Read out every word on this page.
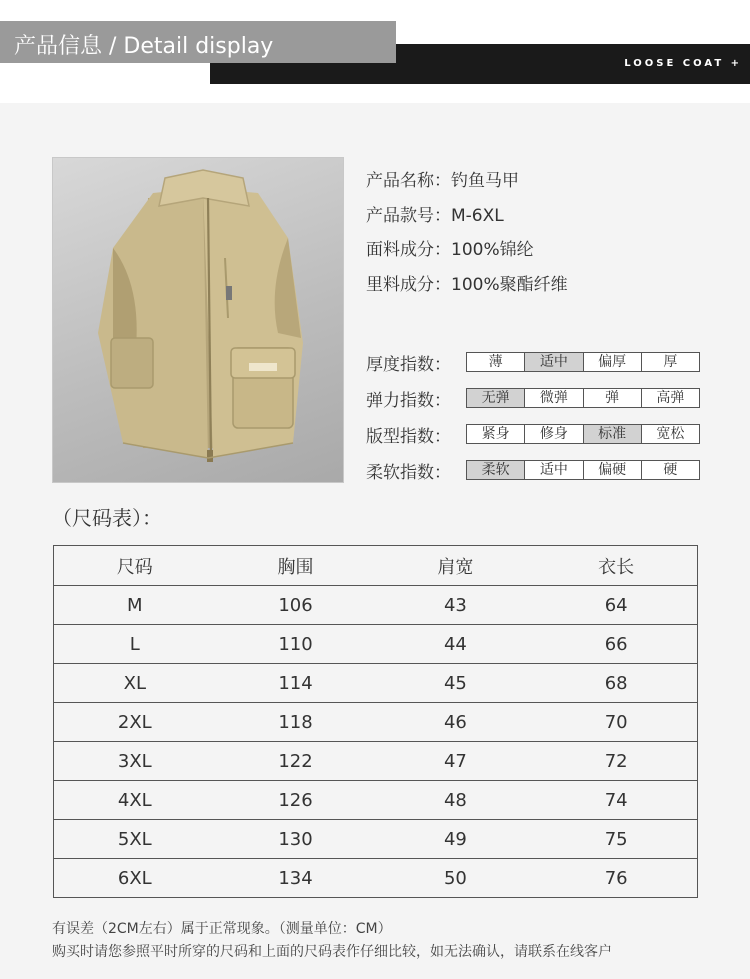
LOOSE COAT +
产品信息 / Detail display
产品名称：钓鱼马甲
产品款号：M-6XL
面料成分：100%锦纶
里料成分：100%聚酯纤维
厚度指数：	薄	适中	偏厚	厚
弹力指数：	无弹	微弹	弹	高弹
版型指数：	紧身	修身	标准	宽松
柔软指数：	柔软	适中	偏硬	硬
（尺码表）：
尺码	胸围	肩宽	衣长
M	106	43	64
L	110	44	66
XL	114	45	68
2XL	118	46	70
3XL	122	47	72
4XL	126	48	74
5XL	130	49	75
6XL	134	50	76
有误差（2CM左右）属于正常现象。（测量单位：CM）
购买时请您参照平时所穿的尺码和上面的尺码表作仔细比较，如无法确认，请联系在线客户
